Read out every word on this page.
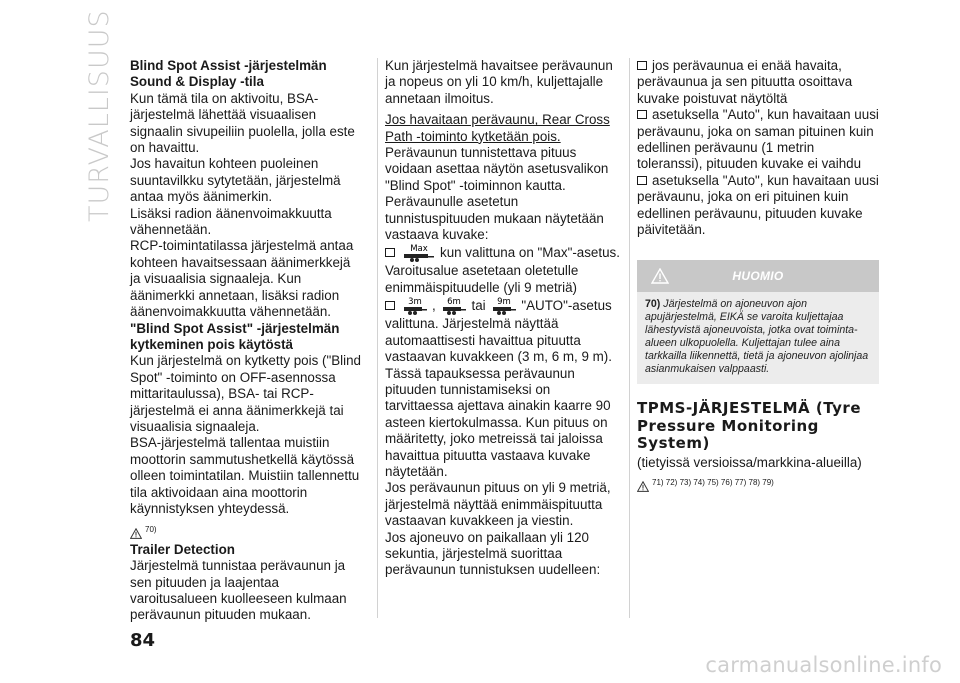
TURVALLISUUS Blind Spot Assist -järjestelmän Sound & Display -tila

Kun tämä tila on aktivoitu, BSA-järjestelmä lähettää visuaalisen signaalin sivupeiliin puolella, jolla este on havaittu.

Jos havaitun kohteen puoleinen suuntavilkku sytytetään, järjestelmä antaa myös äänimerkin.

Lisäksi radion äänenvoimakkuutta vähennetään.

RCP-toimintatilassa järjestelmä antaa kohteen havaitsessaan äänimerkkejä ja visuaalisia signaaleja. Kun äänimerkki annetaan, lisäksi radion äänenvoimakkuutta vähennetään.

"Blind Spot Assist" -järjestelmän kytkeminen pois käytöstä

Kun järjestelmä on kytketty pois ("Blind Spot" -toiminto on OFF-asennossa mittaritaulussa), BSA- tai RCP-järjestelmä ei anna äänimerkkejä tai visuaalisia signaaleja.

BSA-järjestelmä tallentaa muistiin moottorin sammutushetkellä käytössä olleen toimintatilan. Muistiin tallennettu tila aktivoidaan aina moottorin käynnistyksen yhteydessä.

70)

Trailer Detection

Järjestelmä tunnistaa perävaunun ja sen pituuden ja laajentaa varoitusalueen kuolleeseen kulmaan perävaunun pituuden mukaan.

Kun järjestelmä havaitsee perävaunun ja nopeus on yli 10 km/h, kuljettajalle annetaan ilmoitus.

Jos havaitaan perävaunu, Rear Cross Path -toiminto kytketään pois.

Perävaunun tunnistettava pituus voidaan asettaa näytön asetusvalikon "Blind Spot" -toiminnon kautta.

Perävaunulle asetetun tunnistuspituuden mukaan näytetään vastaava kuvake:

Max kun valittuna on "Max"-asetus. Varoitusalue asetetaan oletetulle enimmäispituudelle (yli 9 metriä)

3m , 6m tai 9m "AUTO"-asetus valittuna. Järjestelmä näyttää automaattisesti havaittua pituutta vastaavan kuvakkeen (3 m, 6 m, 9 m). Tässä tapauksessa perävaunun pituuden tunnistamiseksi on tarvittaessa ajettava ainakin kaarre 90 asteen kiertokulmassa. Kun pituus on määritetty, joko metreissä tai jaloissa havaittua pituutta vastaava kuvake näytetään.

Jos perävaunun pituus on yli 9 metriä, järjestelmä näyttää enimmäispituutta vastaavan kuvakkeen ja viestin.

Jos ajoneuvo on paikallaan yli 120 sekuntia, järjestelmä suorittaa perävaunun tunnistuksen uudelleen:

jos perävaunua ei enää havaita, perävaunua ja sen pituutta osoittava kuvake poistuvat näytöltä

asetuksella "Auto", kun havaitaan uusi perävaunu, joka on saman pituinen kuin edellinen perävaunu (1 metrin toleranssi), pituuden kuvake ei vaihdu

asetuksella "Auto", kun havaitaan uusi perävaunu, joka on eri pituinen kuin edellinen perävaunu, pituuden kuvake päivitetään.

HUOMIO
70) Järjestelmä on ajoneuvon ajon apujärjestelmä, EIKÄ se varoita kuljettajaa lähestyvistä ajoneuvoista, jotka ovat toiminta-alueen ulkopuolella. Kuljettajan tulee aina tarkkailla liikennettä, tietä ja ajoneuvon ajolinjaa asianmukaisen valppaasti.

TPMS-JÄRJESTELMÄ (Tyre Pressure Monitoring System)

(tietyissä versioissa/markkina-alueilla)

71) 72) 73) 74) 75) 76) 77) 78) 79)
84
carmanualsonline.info
